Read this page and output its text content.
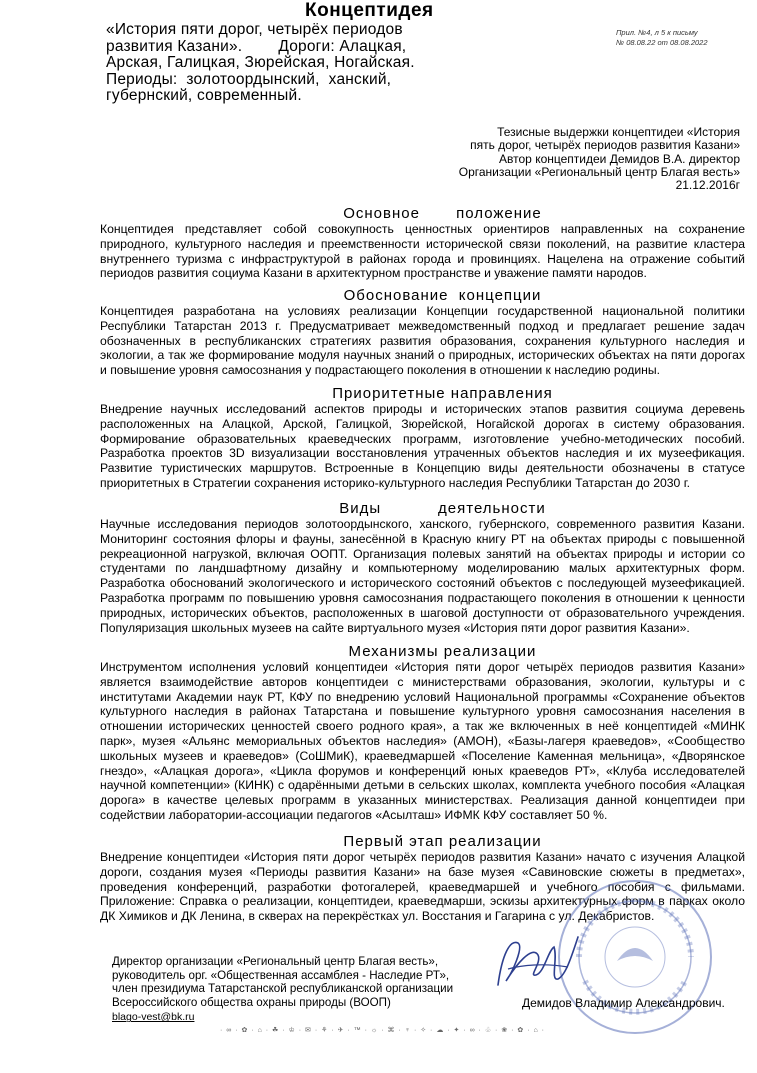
Концептидея
«История пяти дорог, четырёх периодов
развития Казани».        Дороги: Алацкая,
Арская, Галицкая, Зюрейская, Ногайская.
Периоды:  золотоордынский,  ханский,
губернский, современный.
Прил. №4, л 5 к письму
№ 08.08.22 от 08.08.2022
Тезисные выдержки концептидеи «История
пять дорог, четырёх периодов развития Казани»
Автор концептидеи Демидов В.А. директор
Организации «Региональный центр Благая весть»
21.12.2016г
Основное       положение

Концептидея представляет собой совокупность ценностных ориентиров направленных на сохранение природного, культурного наследия и преемственности исторической связи поколений, на развитие кластера внутреннего туризма с инфраструктурой в районах города и провинциях. Нацелена на отражение событий периодов развития социума Казани в архитектурном пространстве и уважение памяти народов.

Обоснование  концепции

Концептидея разработана на условиях реализации Концепции государственной национальной политики Республики Татарстан 2013 г. Предусматривает межведомственный подход и предлагает решение задач обозначенных в республиканских стратегиях развития образования, сохранения культурного наследия и экологии, а так же формирование модуля научных знаний о природных, исторических объектах на пяти дорогах и повышение уровня самосознания у подрастающего поколения в отношении к наследию родины.

Приоритетные направления

Внедрение научных исследований аспектов природы и исторических этапов развития социума деревень расположенных на Алацкой, Арской, Галицкой, Зюрейской, Ногайской дорогах в систему образования. Формирование образовательных краеведческих программ, изготовление учебно-методических пособий. Разработка проектов 3D визуализации восстановления утраченных объектов наследия и их музеефикация. Развитие туристических маршрутов. Встроенные в Концепцию виды деятельности обозначены в статусе приоритетных в Стратегии сохранения историко-культурного наследия Республики Татарстан до 2030 г.

Виды           деятельности

Научные исследования периодов золотоордынского, ханского, губернского, современного развития Казани. Мониторинг состояния флоры и фауны, занесённой в Красную книгу РТ на объектах природы с повышенной рекреационной нагрузкой, включая ООПТ. Организация полевых занятий на объектах природы и истории со студентами по ландшафтному дизайну и компьютерному моделированию малых архитектурных форм. Разработка обоснований экологического и исторического состояний объектов с последующей музеефикацией. Разработка программ по повышению уровня самосознания подрастающего поколения в отношении к ценности природных, исторических объектов, расположенных в шаговой доступности от образовательного учреждения. Популяризация школьных музеев на сайте виртуального музея «История пяти дорог развития Казани».

Механизмы реализации

Инструментом исполнения условий концептидеи «История пяти дорог четырёх периодов развития Казани» является взаимодействие авторов концептидеи с министерствами образования, экологии, культуры и с институтами Академии наук РТ, КФУ по внедрению условий Национальной программы «Сохранение объектов культурного наследия в районах Татарстана и повышение культурного уровня самосознания населения в отношении исторических ценностей своего родного края», а так же включенных в неё концептидей «МИНК парк», музея «Альянс мемориальных объектов наследия» (АМОН), «Базы-лагеря краеведов», «Сообщество школьных музеев и краеведов» (СоШМиК), краеведмаршей «Поселение Каменная мельница», «Дворянское гнездо», «Алацкая дорога», «Цикла форумов и конференций юных краеведов РТ», «Клуба исследователей научной компетенции» (КИНК) с одарёнными детьми в сельских школах, комплекта учебного пособия «Алацкая дорога» в качестве целевых программ в указанных министерствах. Реализация данной концептидеи при содействии лаборатории-ассоциации педагогов «Асылташ» ИФМК КФУ составляет 50 %.

Первый этап реализации

Внедрение концептидеи «История пяти дорог четырёх периодов развития Казани» начато с изучения Алацкой дороги, создания музея «Периоды развития Казани» на базе музея «Савиновские сюжеты в предметах», проведения конференций, разработки фотогалерей, краеведмаршей и учебного пособия с фильмами. Приложение: Справка о реализации, концептидеи, краеведмарши, эскизы архитектурных форм в парках около ДК Химиков и ДК Ленина, в скверах на перекрёстках ул. Восстания и Гагарина с ул. Декабристов.

Директор организации «Региональный центр Благая весть»,
руководитель орг. «Общественная ассамблея - Наследие РТ»,
член президиума Татарстанской республиканской организации
Всероссийского общества охраны природы (ВООП)
blago-vest@bk.ru
Демидов Владимир Александрович.
· ∞ · ✿ · ⌂ · ☘ · ♔ · ✉ · ⚘ · ✈ · ™ · ☼ · ⌘ · ♆ · ✧ · ☁ · ✦ · ∞ · ♧ · ❀ · ✿ · ⌂ ·
